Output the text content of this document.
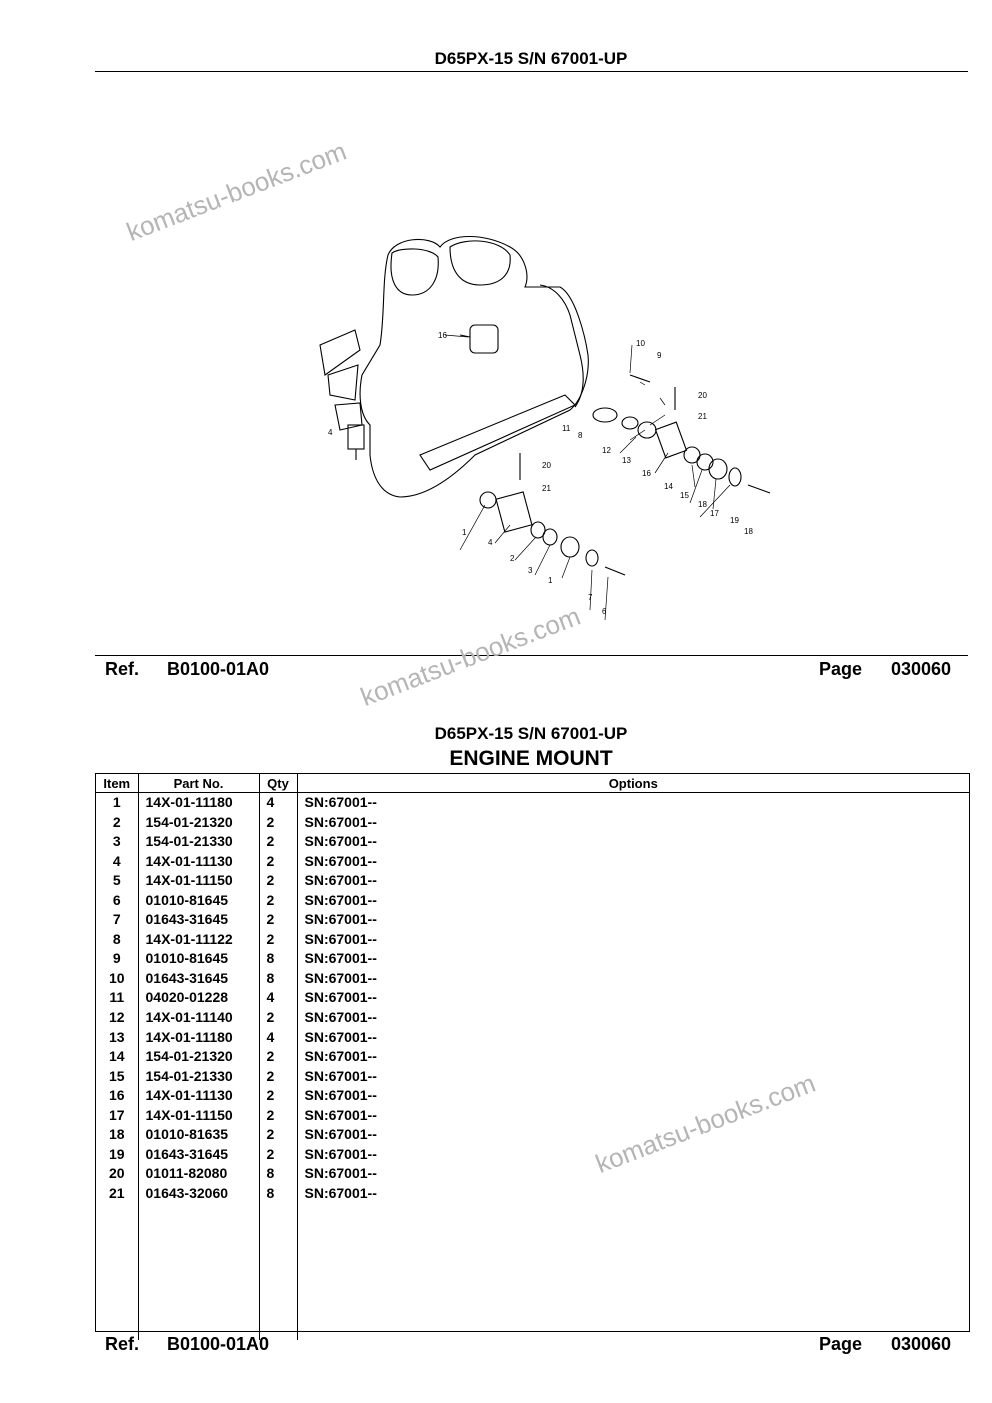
D65PX-15 S/N 67001-UP
16
10
9
20
21
11
8
12
13
16
14
15
18
17
19
18
4
20
21
1
4
2
3
1
7
6
Ref. B0100-01A0	Page 030060
D65PX-15 S/N 67001-UP
ENGINE MOUNT
Item	Part No.	Qty	Options
1	14X-01-11180	4	SN:67001--
2	154-01-21320	2	SN:67001--
3	154-01-21330	2	SN:67001--
4	14X-01-11130	2	SN:67001--
5	14X-01-11150	2	SN:67001--
6	01010-81645	2	SN:67001--
7	01643-31645	2	SN:67001--
8	14X-01-11122	2	SN:67001--
9	01010-81645	8	SN:67001--
10	01643-31645	8	SN:67001--
11	04020-01228	4	SN:67001--
12	14X-01-11140	2	SN:67001--
13	14X-01-11180	4	SN:67001--
14	154-01-21320	2	SN:67001--
15	154-01-21330	2	SN:67001--
16	14X-01-11130	2	SN:67001--
17	14X-01-11150	2	SN:67001--
18	01010-81635	2	SN:67001--
19	01643-31645	2	SN:67001--
20	01011-82080	8	SN:67001--
21	01643-32060	8	SN:67001--

Ref. B0100-01A0	Page 030060
komatsu-books.com
komatsu-books.com
komatsu-books.com
